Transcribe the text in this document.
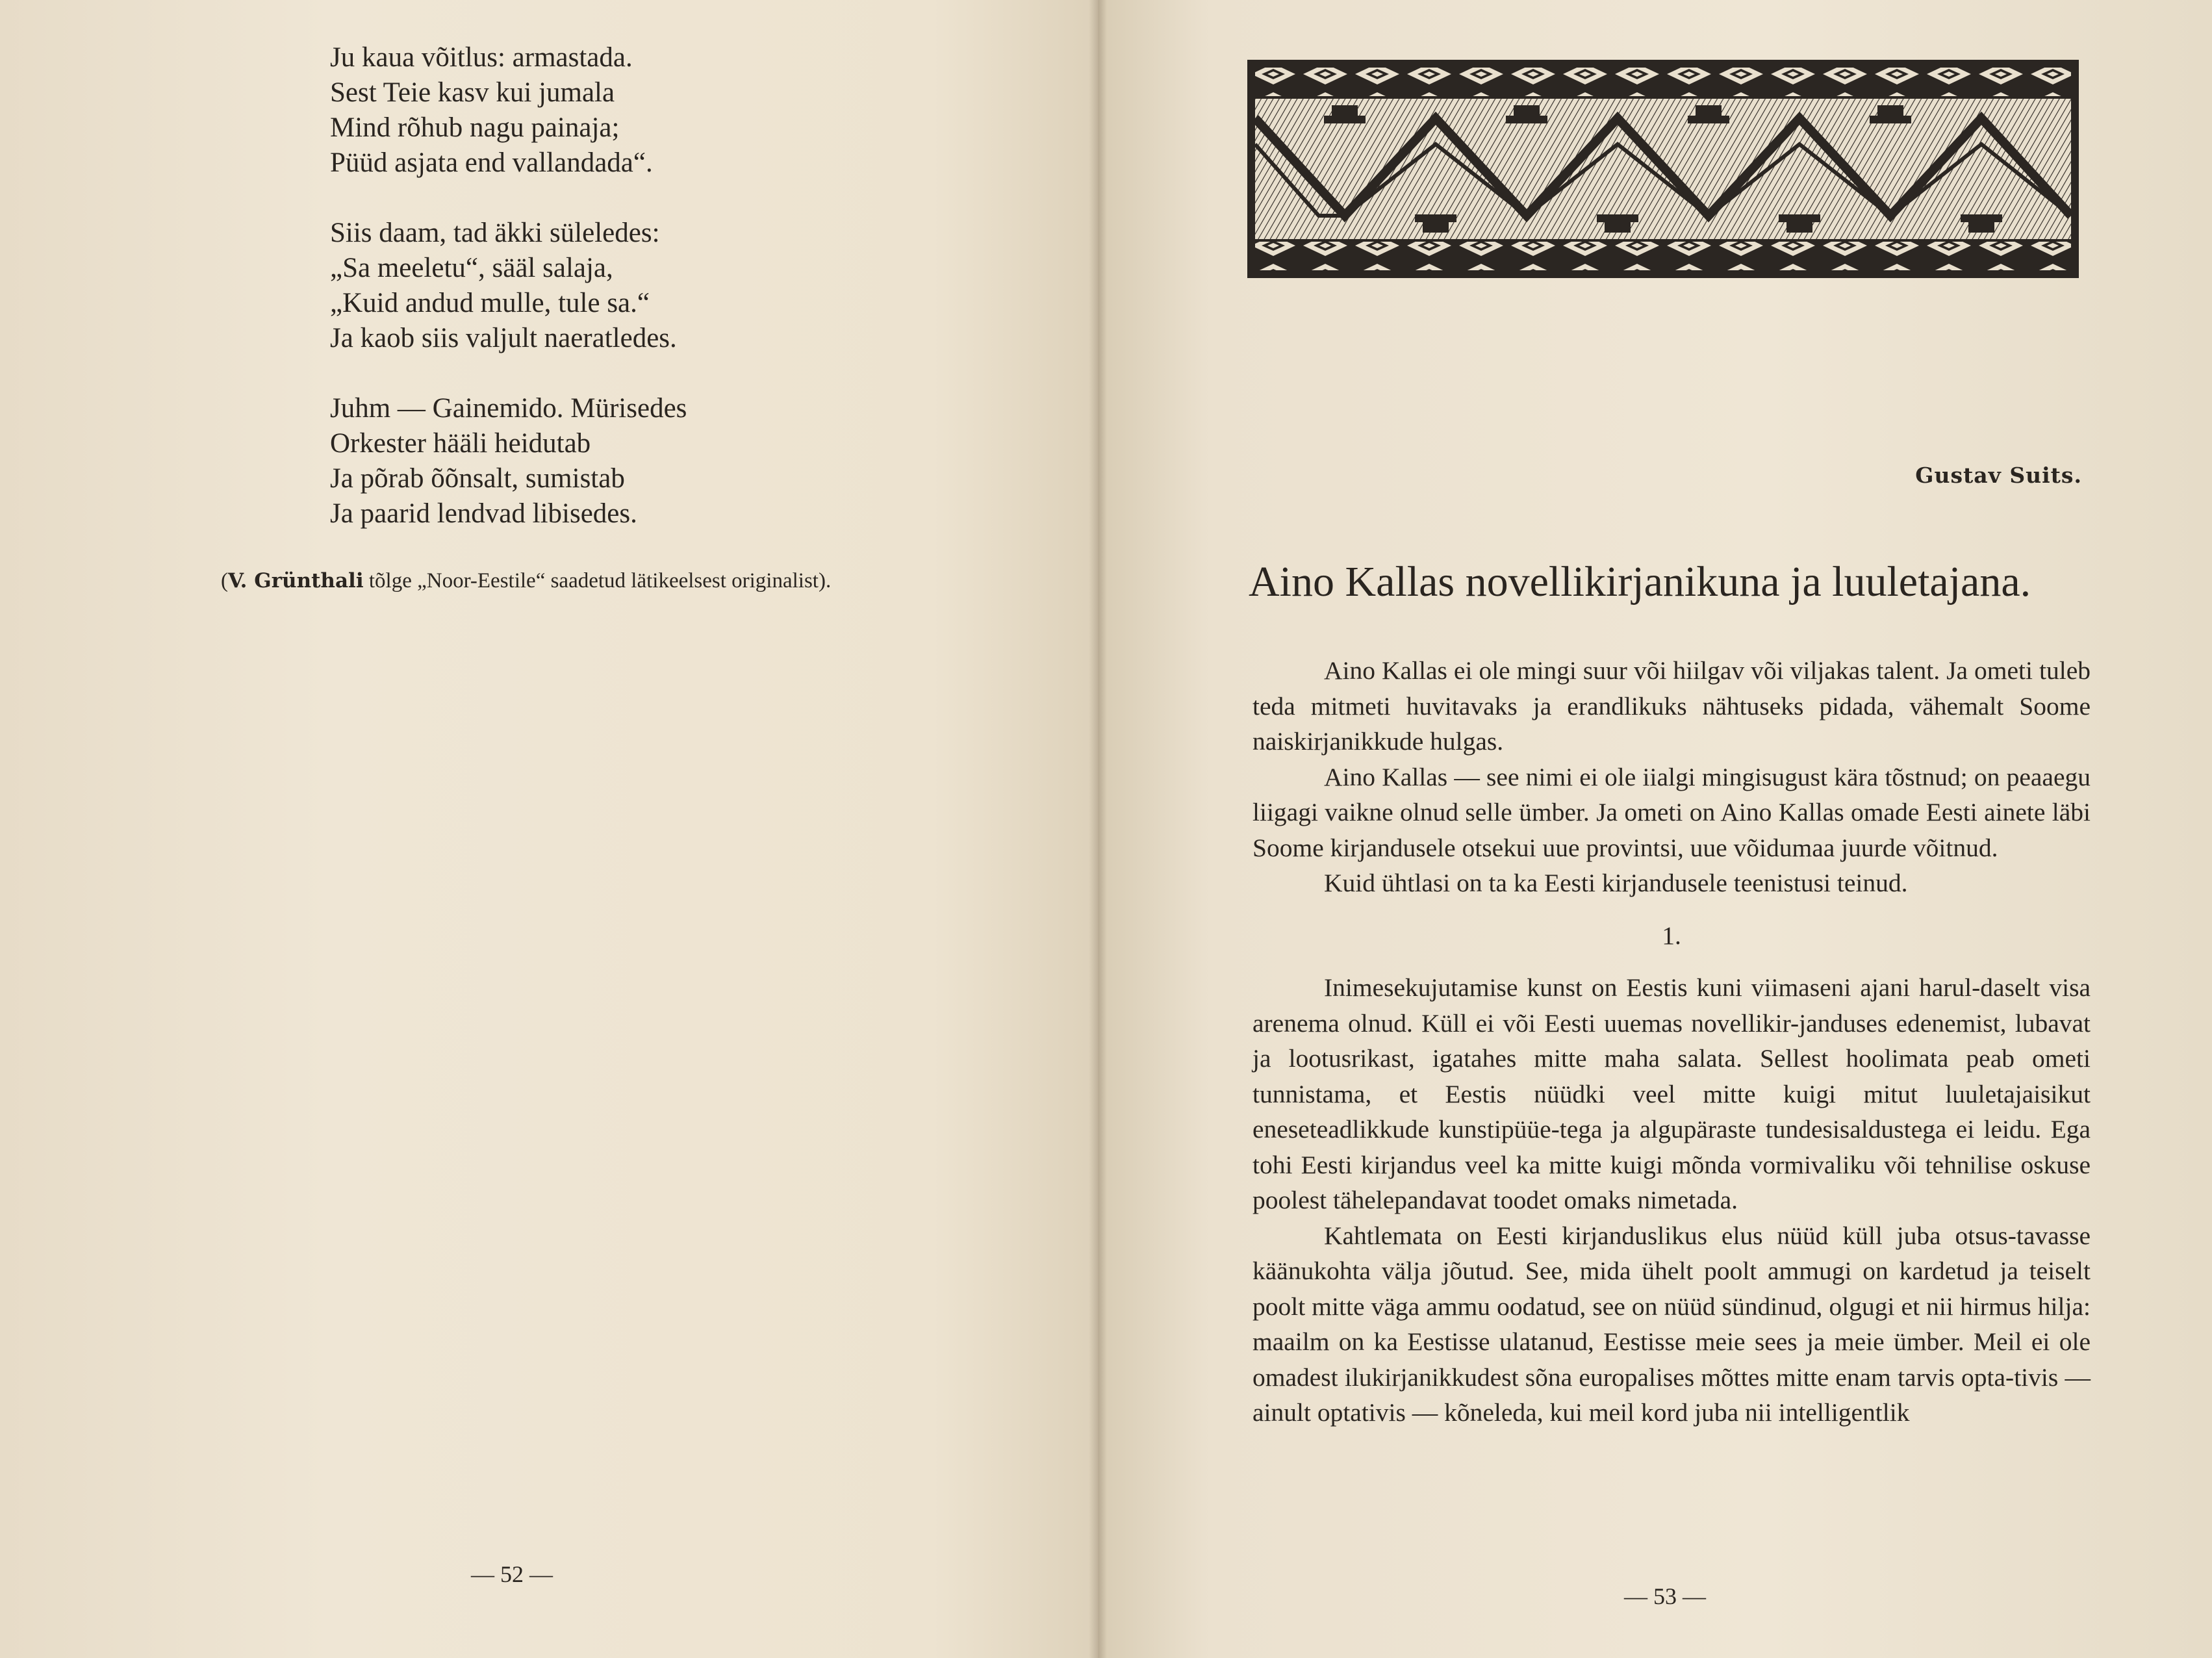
Ju kaua võitlus: armastada.
Sest Teie kasv kui jumala
Mind rõhub nagu painaja;
Püüd asjata end vallandada“.
Siis daam, tad äkki süleledes:
„Sa meeletu“, sääl salaja,
„Kuid andud mulle, tule sa.“
Ja kaob siis valjult naeratledes.
Juhm — Gainemido. Mürisedes
Orkester hääli heidutab
Ja põrab õõnsalt, sumistab
Ja paarid lendvad libisedes.
(V. Grünthali tõlge „Noor-Eestile“ saadetud lätikeelsest originalist).
— 52 —
Gustav Suits.
Aino Kallas novellikirjanikuna ja luuletajana.

Aino Kallas ei ole mingi suur või hiilgav või viljakas talent. Ja ometi tuleb teda mitmeti huvitavaks ja erandlikuks nähtuseks pidada, vähemalt Soome naiskirjanikkude hulgas.

Aino Kallas — see nimi ei ole iialgi mingisugust kära tõstnud; on peaaegu liigagi vaikne olnud selle ümber. Ja ometi on Aino Kallas omade Eesti ainete läbi Soome kirjandusele otsekui uue provintsi, uue võidumaa juurde võitnud.

Kuid ühtlasi on ta ka Eesti kirjandusele teenistusi teinud.

1.

Inimesekujutamise kunst on Eestis kuni viimaseni ajani harul-daselt visa arenema olnud. Küll ei või Eesti uuemas novellikir-janduses edenemist, lubavat ja lootusrikast, igatahes mitte maha salata. Sellest hoolimata peab ometi tunnistama, et Eestis nüüdki veel mitte kuigi mitut luuletajaisikut eneseteadlikkude kunstipüüe-tega ja algupäraste tundesisaldustega ei leidu. Ega tohi Eesti kirjandus veel ka mitte kuigi mõnda vormivaliku või tehnilise oskuse poolest tähelepandavat toodet omaks nimetada.

Kahtlemata on Eesti kirjanduslikus elus nüüd küll juba otsus-tavasse käänukohta välja jõutud. See, mida ühelt poolt ammugi on kardetud ja teiselt poolt mitte väga ammu oodatud, see on nüüd sündinud, olgugi et nii hirmus hilja: maailm on ka Eestisse ulatanud, Eestisse meie sees ja meie ümber. Meil ei ole omadest ilukirjanikkudest sõna europalises mõttes mitte enam tarvis opta-tivis — ainult optativis — kõneleda, kui meil kord juba nii intelligentlik

— 53 —
